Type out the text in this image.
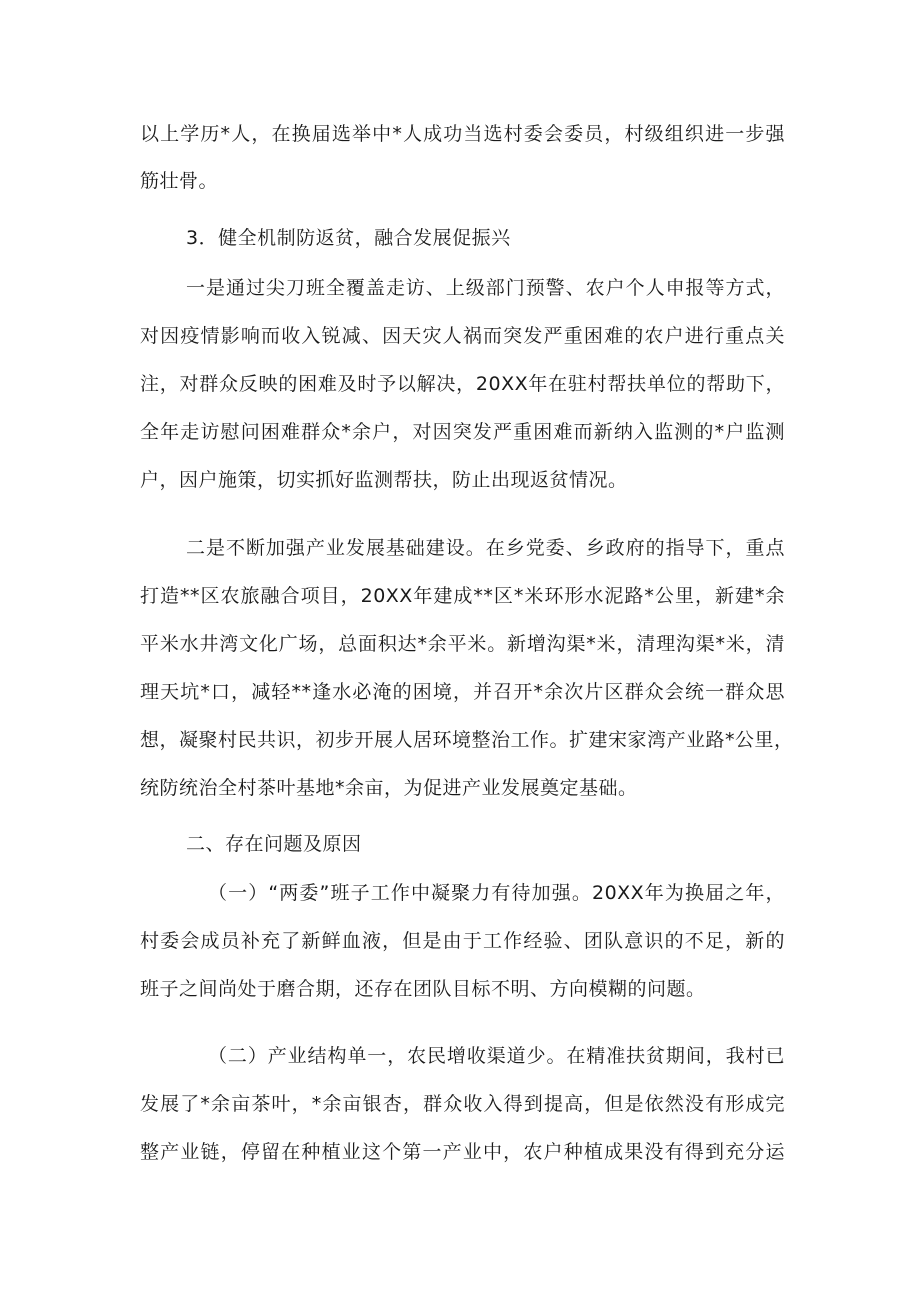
以上学历*人，在换届选举中*人成功当选村委会委员，村级组织进一步强
筋壮骨。
3．健全机制防返贫，融合发展促振兴
一是通过尖刀班全覆盖走访、上级部门预警、农户个人申报等方式，
对因疫情影响而收入锐减、因天灾人祸而突发严重困难的农户进行重点关
注，对群众反映的困难及时予以解决，20XX年在驻村帮扶单位的帮助下，
全年走访慰问困难群众*余户，对因突发严重困难而新纳入监测的*户监测
户，因户施策，切实抓好监测帮扶，防止出现返贫情况。
二是不断加强产业发展基础建设。在乡党委、乡政府的指导下，重点
打造**区农旅融合项目，20XX年建成**区*米环形水泥路*公里，新建*余
平米水井湾文化广场，总面积达*余平米。新增沟渠*米，清理沟渠*米，清
理天坑*口，减轻**逢水必淹的困境，并召开*余次片区群众会统一群众思
想，凝聚村民共识，初步开展人居环境整治工作。扩建宋家湾产业路*公里，
统防统治全村茶叶基地*余亩，为促进产业发展奠定基础。
二、存在问题及原因
（一）“两委”班子工作中凝聚力有待加强。20XX年为换届之年，
村委会成员补充了新鲜血液，但是由于工作经验、团队意识的不足，新的
班子之间尚处于磨合期，还存在团队目标不明、方向模糊的问题。
（二）产业结构单一，农民增收渠道少。在精准扶贫期间，我村已
发展了*余亩茶叶，*余亩银杏，群众收入得到提高，但是依然没有形成完
整产业链，停留在种植业这个第一产业中，农户种植成果没有得到充分运
